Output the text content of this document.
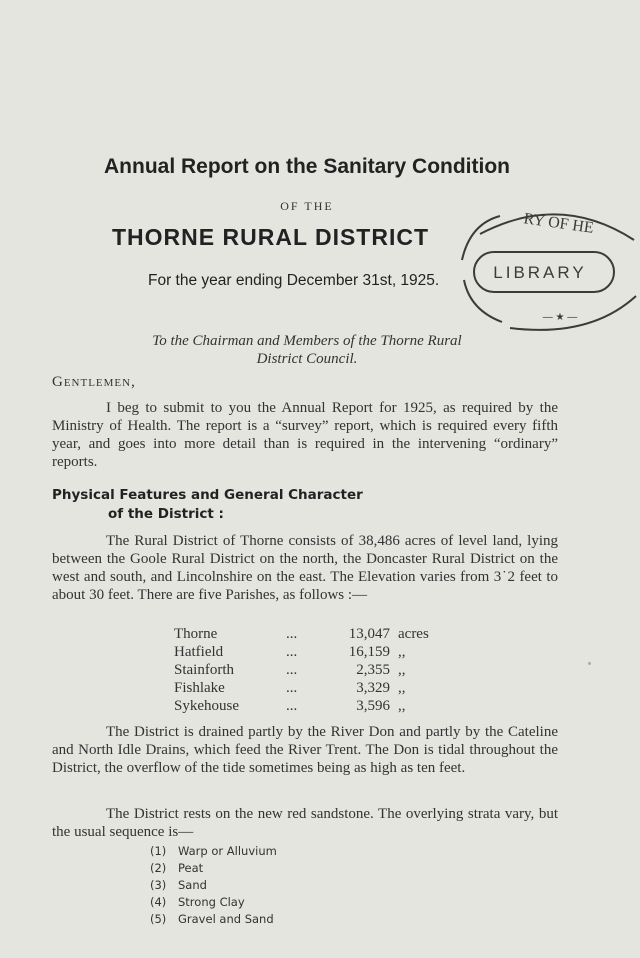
Annual Report on the Sanitary Condition
OF THE
THORNE RURAL DISTRICT
For the year ending December 31st, 1925.	LIBRARY
RY OF HE
— ★ —
To the Chairman and Members of the Thorne Rural
District Council.
Gentlemen,
I beg to submit to you the Annual Report for 1925, as required by the Ministry of Health. The report is a “survey” report, which is required every fifth year, and goes into more detail than is required in the intervening “ordinary” reports.
Physical Features and General Character
of the District :
The Rural District of Thorne consists of 38,486 acres of level land, lying between the Goole Rural District on the north, the Doncaster Rural District on the west and south, and Lincolnshire on the east. The Elevation varies from 3˙2 feet to about 30 feet. There are five Parishes, as follows :—
Thorne	...	13,047	acres
Hatfield	...	16,159	,,
Stainforth	...	2,355	,,
Fishlake	...	3,329	,,
Sykehouse	...	3,596	,,
The District is drained partly by the River Don and partly by the Cateline and North Idle Drains, which feed the River Trent. The Don is tidal throughout the District, the overflow of the tide sometimes being as high as ten feet.
The District rests on the new red sandstone. The overlying strata vary, but the usual sequence is—
(1) Warp or Alluvium
(2) Peat
(3) Sand
(4) Strong Clay
(5) Gravel and Sand
